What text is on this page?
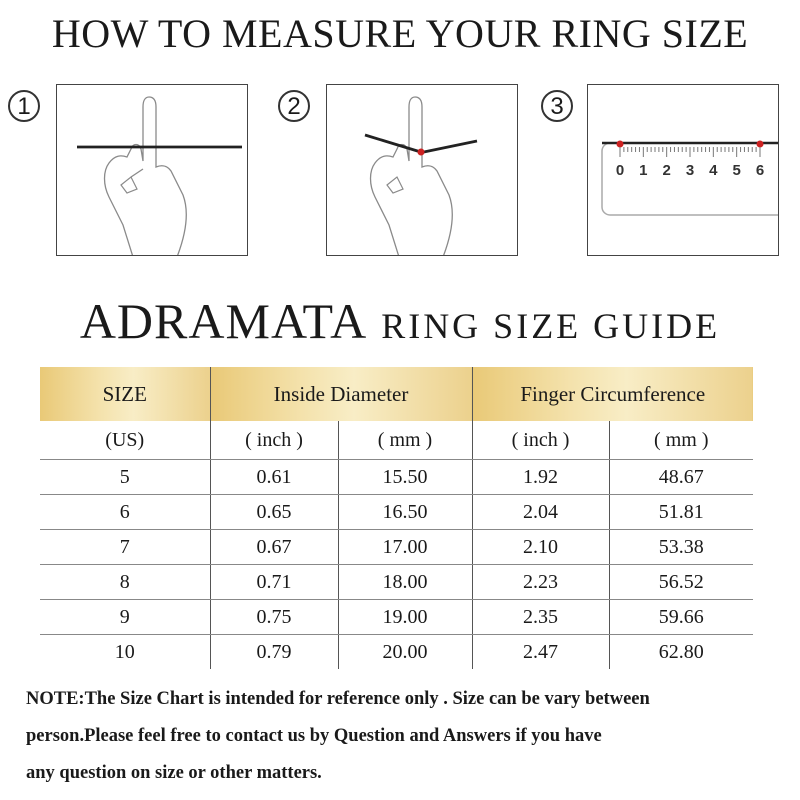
HOW TO MEASURE YOUR RING SIZE
1	2	3
0 1 2 3 4 5 6
ADRAMATA RING SIZE GUIDE
SIZE	Inside Diameter		Finger Circumference	
(US)	( inch )	( mm )	( inch )	( mm )
5	0.61	15.50	1.92	48.67
6	0.65	16.50	2.04	51.81
7	0.67	17.00	2.10	53.38
8	0.71	18.00	2.23	56.52
9	0.75	19.00	2.35	59.66
10	0.79	20.00	2.47	62.80
NOTE:The Size Chart is intended for reference only . Size can be vary between
person.Please feel free to contact us by Question and Answers if you have
any question on size or other matters.
